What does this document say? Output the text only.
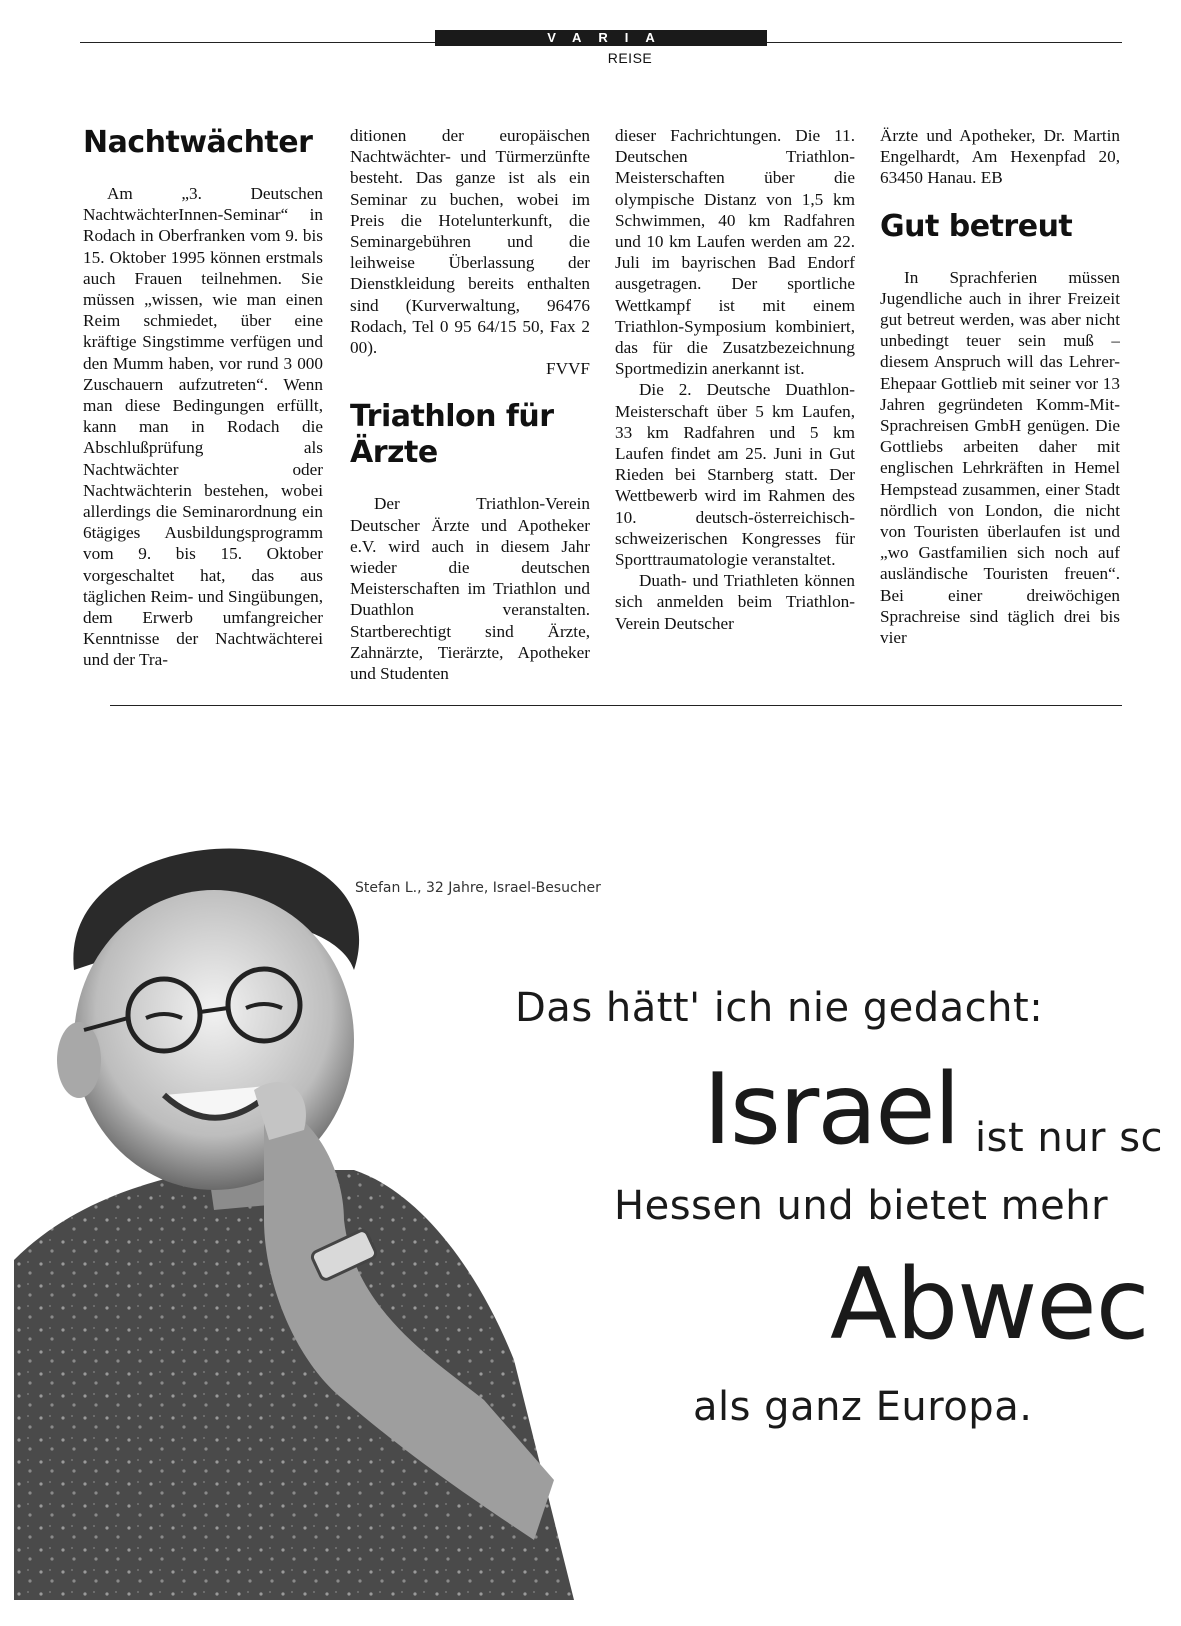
VARIA
REISE
Nachtwächter

Am „3. Deutschen NachtwächterInnen-Seminar“ in Rodach in Oberfranken vom 9. bis 15. Oktober 1995 können erstmals auch Frauen teilnehmen. Sie müssen „wissen, wie man einen Reim schmiedet, über eine kräftige Singstimme verfügen und den Mumm haben, vor rund 3 000 Zuschauern aufzutreten“. Wenn man diese Bedingungen erfüllt, kann man in Rodach die Abschlußprüfung als Nachtwächter oder Nachtwächterin bestehen, wobei allerdings die Seminarordnung ein 6tägiges Ausbildungsprogramm vom 9. bis 15. Oktober vorgeschaltet hat, das aus täglichen Reim- und Singübungen, dem Erwerb umfangreicher Kenntnisse der Nachtwächterei und der Tra-

ditionen der europäischen Nachtwächter- und Türmerzünfte besteht. Das ganze ist als ein Seminar zu buchen, wobei im Preis die Hotelunterkunft, die Seminargebühren und die leihweise Überlassung der Dienstkleidung bereits enthalten sind (Kurverwaltung, 96476 Rodach, Tel 0 95 64/15 50, Fax 2 00).

FVVF

Triathlon für Ärzte

Der Triathlon-Verein Deutscher Ärzte und Apotheker e.V. wird auch in diesem Jahr wieder die deutschen Meisterschaften im Triathlon und Duathlon veranstalten. Startberechtigt sind Ärzte, Zahnärzte, Tierärzte, Apotheker und Studenten

dieser Fachrichtungen. Die 11. Deutschen Triathlon-Meisterschaften über die olympische Distanz von 1,5 km Schwimmen, 40 km Radfahren und 10 km Laufen werden am 22. Juli im bayrischen Bad Endorf ausgetragen. Der sportliche Wettkampf ist mit einem Triathlon-Symposium kombiniert, das für die Zusatzbezeichnung Sportmedizin anerkannt ist.

Die 2. Deutsche Duathlon-Meisterschaft über 5 km Laufen, 33 km Radfahren und 5 km Laufen findet am 25. Juni in Gut Rieden bei Starnberg statt. Der Wettbewerb wird im Rahmen des 10. deutsch-österreichisch-schweizerischen Kongresses für Sporttraumatologie veranstaltet.

Duath- und Triathleten können sich anmelden beim Triathlon-Verein Deutscher

Ärzte und Apotheker, Dr. Martin Engelhardt, Am Hexenpfad 20, 63450 Hanau. EB

Gut betreut

In Sprachferien müssen Jugendliche auch in ihrer Freizeit gut betreut werden, was aber nicht unbedingt teuer sein muß – diesem Anspruch will das Lehrer-Ehepaar Gottlieb mit seiner vor 13 Jahren gegründeten Komm-Mit-Sprachreisen GmbH genügen. Die Gottliebs arbeiten daher mit englischen Lehrkräften in Hemel Hempstead zusammen, einer Stadt nördlich von London, die nicht von Touristen überlaufen ist und „wo Gastfamilien sich noch auf ausländische Touristen freuen“. Bei einer dreiwöchigen Sprachreise sind täglich drei bis vier

Stefan L., 32 Jahre, Israel-Besucher
Das hätt' ich nie gedacht:
Israel ist nur sc
Hessen und bietet mehr
Abwec
als ganz Europa.
